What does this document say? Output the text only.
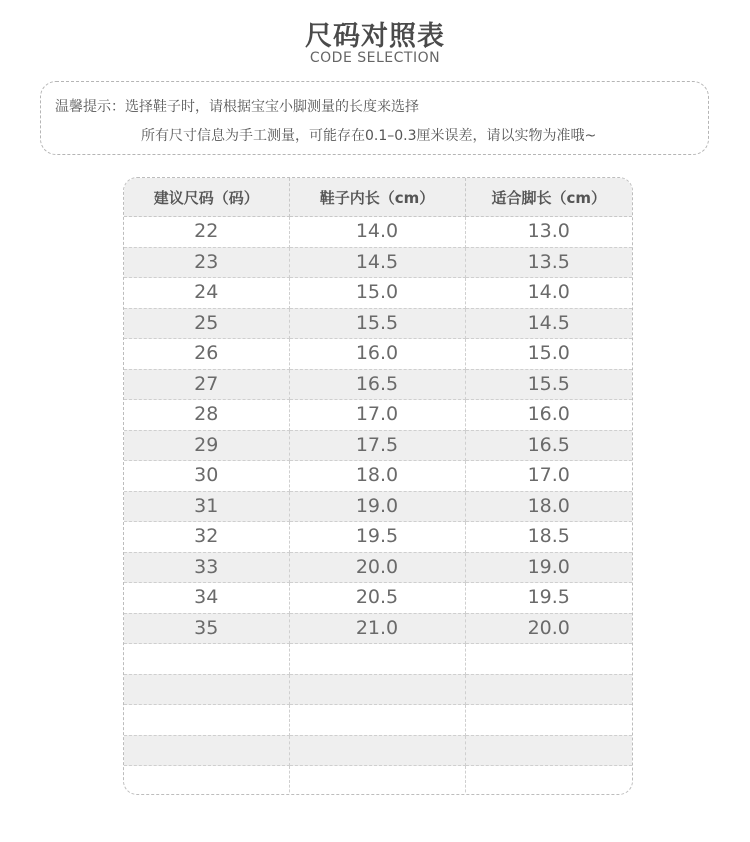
尺码对照表
CODE SELECTION
温馨提示：选择鞋子时，请根据宝宝小脚测量的长度来选择
所有尺寸信息为手工测量，可能存在0.1–0.3厘米误差，请以实物为准哦~
建议尺码（码）	鞋子内长（cm）	适合脚长（cm）
22	14.0	13.0
23	14.5	13.5
24	15.0	14.0
25	15.5	14.5
26	16.0	15.0
27	16.5	15.5
28	17.0	16.0
29	17.5	16.5
30	18.0	17.0
31	19.0	18.0
32	19.5	18.5
33	20.0	19.0
34	20.5	19.5
35	21.0	20.0
